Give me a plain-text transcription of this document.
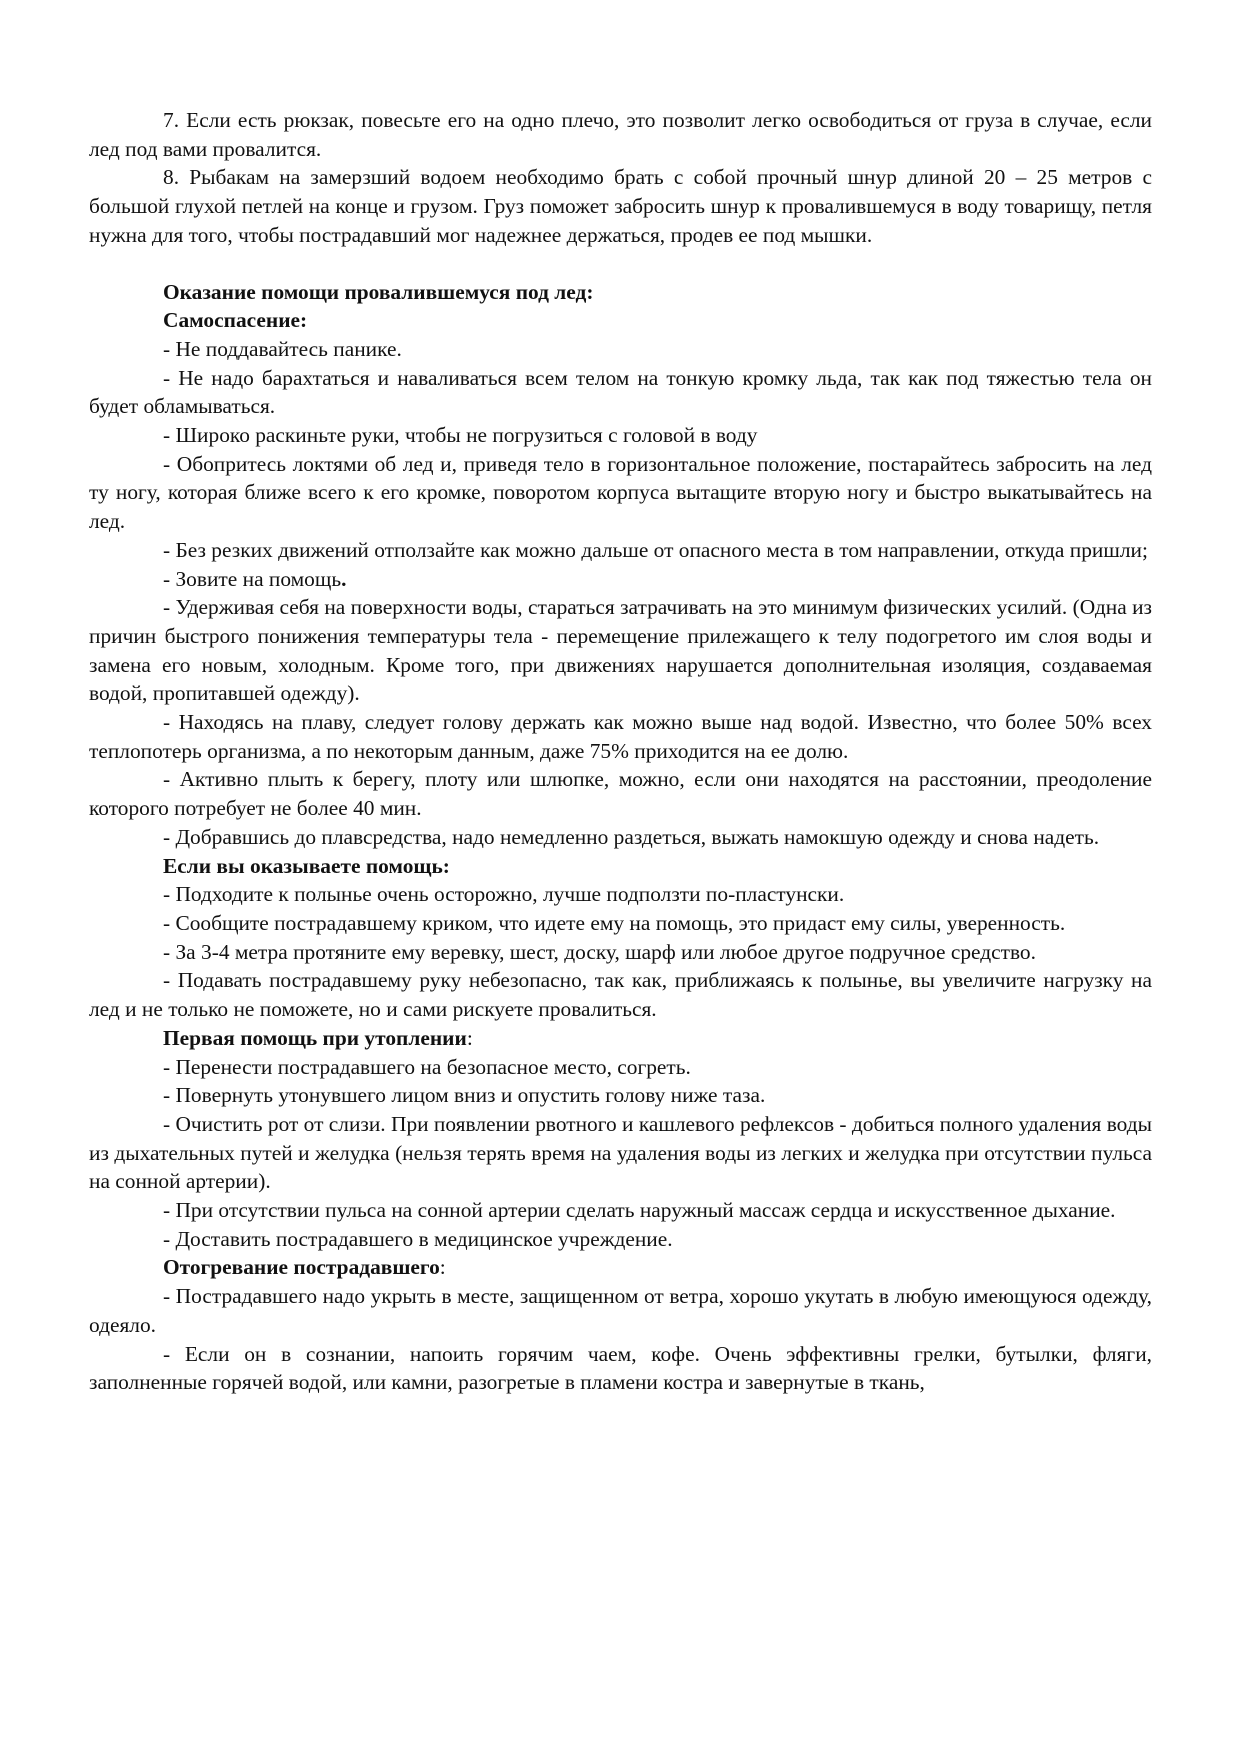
7. Если есть рюкзак, повесьте его на одно плечо, это позволит легко освободиться от груза в случае, если лед под вами провалится.

8. Рыбакам на замерзший водоем необходимо брать с собой прочный шнур длиной 20 – 25 метров с большой глухой петлей на конце и грузом. Груз поможет забросить шнур к провалившемуся в воду товарищу, петля нужна для того, чтобы пострадавший мог надежнее держаться, продев ее под мышки.

Оказание помощи провалившемуся под лед:

Самоспасение:

- Не поддавайтесь панике.

- Не надо барахтаться и наваливаться всем телом на тонкую кромку льда, так как под тяжестью тела он будет обламываться.

- Широко раскиньте руки, чтобы не погрузиться с головой в воду

- Обопритесь локтями об лед и, приведя тело в горизонтальное положение, постарайтесь забросить на лед ту ногу, которая ближе всего к его кромке, поворотом корпуса вытащите вторую ногу и быстро выкатывайтесь на лед.

- Без резких движений отползайте как можно дальше от опасного места в том направлении, откуда пришли;

- Зовите на помощь.

- Удерживая себя на поверхности воды, стараться затрачивать на это минимум физических усилий. (Одна из причин быстрого понижения температуры тела - перемещение прилежащего к телу подогретого им слоя воды и замена его новым, холодным. Кроме того, при движениях нарушается дополнительная изоляция, создаваемая водой, пропитавшей одежду).

- Находясь на плаву, следует голову держать как можно выше над водой. Известно, что более 50% всех теплопотерь организма, а по некоторым данным, даже 75% приходится на ее долю.

- Активно плыть к берегу, плоту или шлюпке, можно, если они находятся на расстоянии, преодоление которого потребует не более 40 мин.

- Добравшись до плавсредства, надо немедленно раздеться, выжать намокшую одежду и снова надеть.

Если вы оказываете помощь:

- Подходите к полынье очень осторожно, лучше подползти по-пластунски.

- Сообщите пострадавшему криком, что идете ему на помощь, это придаст ему силы, уверенность.

- За 3-4 метра протяните ему веревку, шест, доску, шарф или любое другое подручное средство.

- Подавать пострадавшему руку небезопасно, так как, приближаясь к полынье, вы увеличите нагрузку на лед и не только не поможете, но и сами рискуете провалиться.

Первая помощь при утоплении:

- Перенести пострадавшего на безопасное место, согреть.

- Повернуть утонувшего лицом вниз и опустить голову ниже таза.

- Очистить рот от слизи. При появлении рвотного и кашлевого рефлексов - добиться полного удаления воды из дыхательных путей и желудка (нельзя терять время на удаления воды из легких и желудка при отсутствии пульса на сонной артерии).

- При отсутствии пульса на сонной артерии сделать наружный массаж сердца и искусственное дыхание.

- Доставить пострадавшего в медицинское учреждение.

Отогревание пострадавшего:

- Пострадавшего надо укрыть в месте, защищенном от ветра, хорошо укутать в любую имеющуюся одежду, одеяло.

- Если он в сознании, напоить горячим чаем, кофе. Очень эффективны грелки, бутылки, фляги, заполненные горячей водой, или камни, разогретые в пламени костра и завернутые в ткань,
